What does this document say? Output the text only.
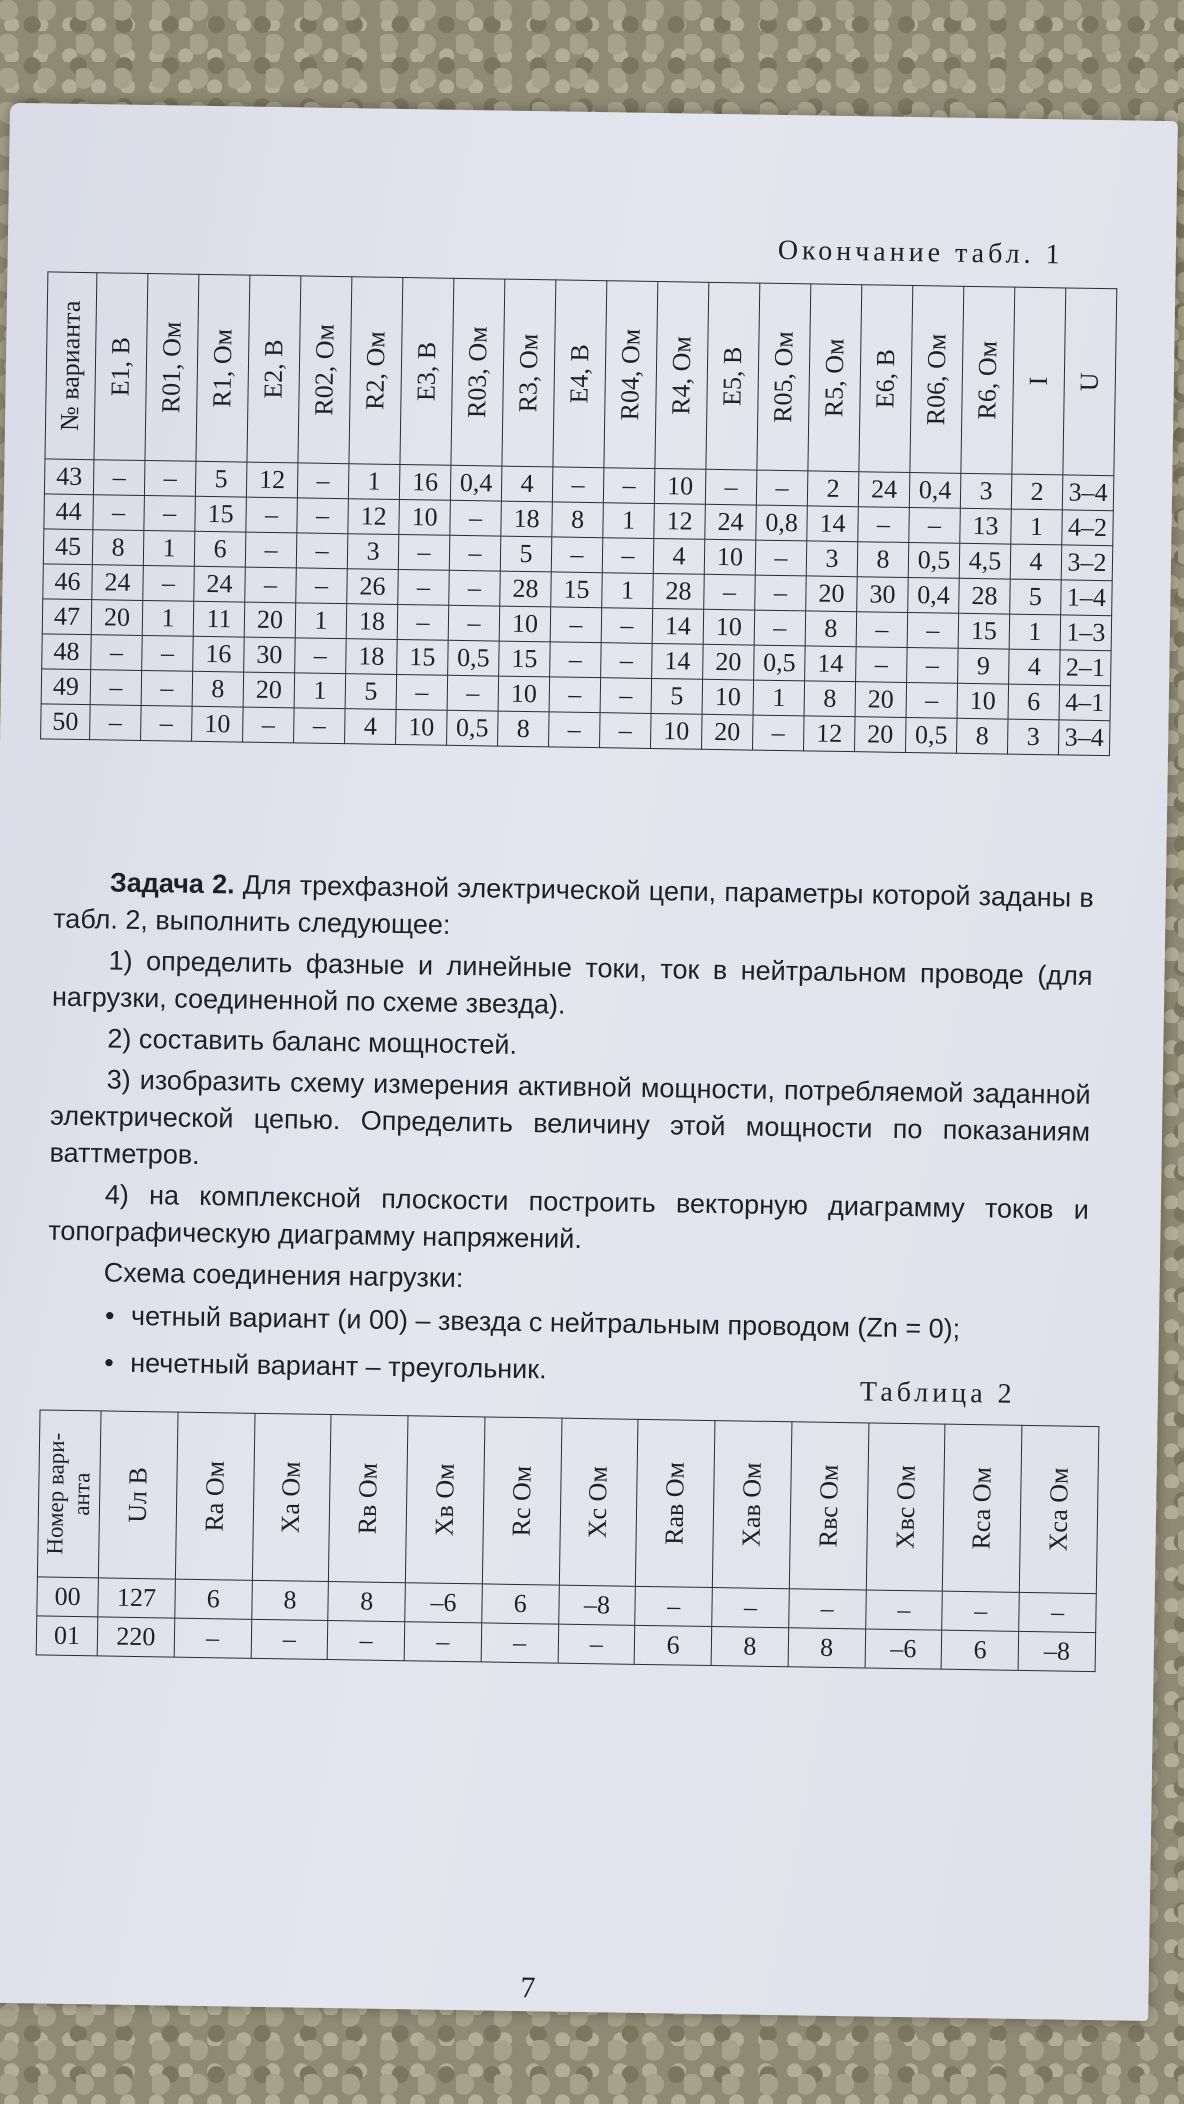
Окончание табл. 1
№ варианта	E1, В	R01, Ом	R1, Ом	E2, В	R02, Ом	R2, Ом	E3, В	R03, Ом	R3, Ом	E4, В	R04, Ом	R4, Ом	E5, В	R05, Ом	R5, Ом	E6, В	R06, Ом	R6, Ом	I	U

43	–	–	5	12	–	1	16	0,4	4	–	–	10	–	–	2	24	0,4	3	2	3–4
44	–	–	15	–	–	12	10	–	18	8	1	12	24	0,8	14	–	–	13	1	4–2
45	8	1	6	–	–	3	–	–	5	–	–	4	10	–	3	8	0,5	4,5	4	3–2
46	24	–	24	–	–	26	–	–	28	15	1	28	–	–	20	30	0,4	28	5	1–4
47	20	1	11	20	1	18	–	–	10	–	–	14	10	–	8	–	–	15	1	1–3
48	–	–	16	30	–	18	15	0,5	15	–	–	14	20	0,5	14	–	–	9	4	2–1
49	–	–	8	20	1	5	–	–	10	–	–	5	10	1	8	20	–	10	6	4–1
50	–	–	10	–	–	4	10	0,5	8	–	–	10	20	–	12	20	0,5	8	3	3–4

Задача 2. Для трехфазной электрической цепи, параметры которой заданы в табл. 2, выполнить следующее:

1) определить фазные и линейные токи, ток в нейтральном проводе (для нагрузки, соединенной по схеме звезда).

2) составить баланс мощностей.

3) изобразить схему измерения активной мощности, потребляемой заданной электрической цепью. Определить величину этой мощности по показаниям ваттметров.

4) на комплексной плоскости построить векторную диаграмму токов и топографическую диаграмму напряжений.

Схема соединения нагрузки:

• четный вариант (и 00) – звезда с нейтральным проводом (Zn = 0);
• нечетный вариант – треугольник.
Таблица 2
Номер вари-
анта	Uл В	Ra Ом	Xa Ом	Rв Ом	Xв Ом	Rc Ом	Xc Ом	Rав Ом	Xав Ом	Rвс Ом	Xвс Ом	Rса Ом	Xса Ом

00	127	6	8	8	–6	6	–8	–	–	–	–	–	–
01	220	–	–	–	–	–	–	6	8	8	–6	6	–8
7
